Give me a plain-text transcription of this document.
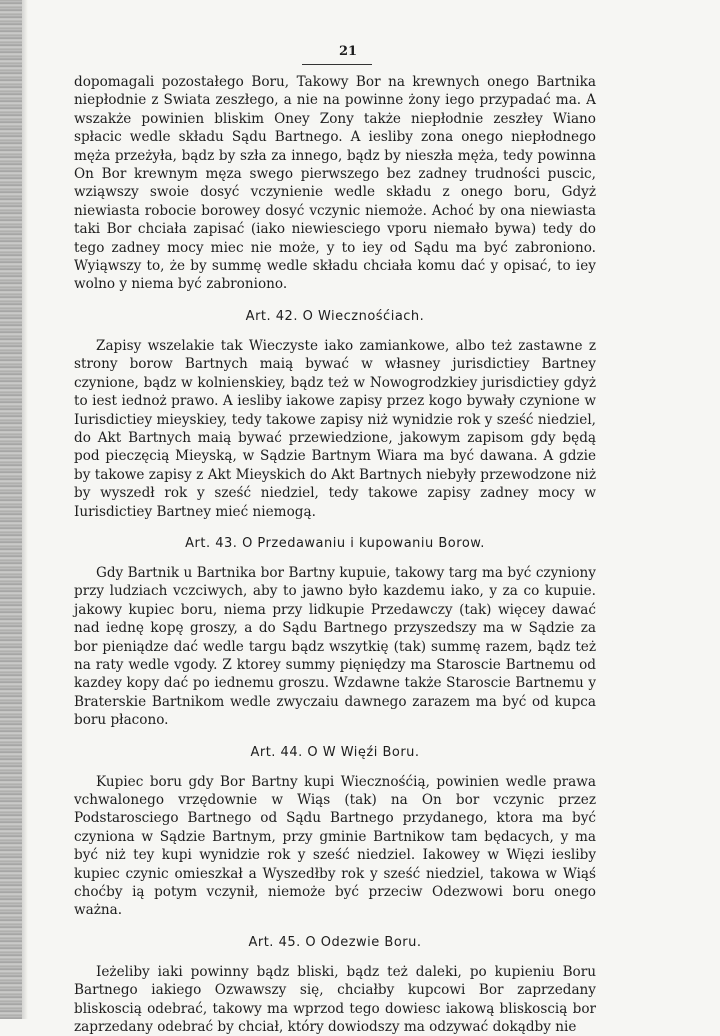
21

dopomagali pozostałego Boru, Takowy Bor na krewnych onego Bartnika niepłodnie z Swiata zeszłego, a nie na powinne żony iego przypadać ma. A wszakże powinien bliskim Oney Zony także niepłodnie zeszłey Wiano spłacic wedle składu Sądu Bartnego. A iesliby zona onego niepłodnego męża przeżyła, bądz by szła za innego, bądz by nieszła męża, tedy powinna On Bor krewnym męza swego pierwszego bez zadney trudności puscic, wziąwszy swoie dosyć vczynienie wedle składu z onego boru, Gdyż niewiasta robocie borowey dosyć vczynic niemoże. Achoć by ona niewiasta taki Bor chciała zapisać (iako niewiesciego vporu niemało bywa) tedy do tego zadney mocy miec nie może, y to iey od Sądu ma być zabroniono. Wyiąwszy to, że by summę wedle składu chciała komu dać y opisać, to iey wolno y niema być zabroniono.

Art. 42. O Wiecznośćiach.

Zapisy wszelakie tak Wieczyste iako zamiankowe, albo też zastawne z strony borow Bartnych maią bywać w własney jurisdictiey Bartney czynione, bądz w kolnienskiey, bądz też w Nowogrodzkiey jurisdictiey gdyż to iest iednoż prawo. A iesliby iakowe zapisy przez kogo bywały czynione w Iurisdictiey mieyskiey, tedy takowe zapisy niż wynidzie rok y sześć niedziel, do Akt Bartnych maią bywać przewiedzione, jakowym zapisom gdy będą pod pieczęcią Mieyską, w Sądzie Bartnym Wiara ma być dawana. A gdzie by takowe zapisy z Akt Mieyskich do Akt Bartnych niebyły przewodzone niż by wyszedł rok y sześć niedziel, tedy takowe zapisy zadney mocy w Iurisdictiey Bartney mieć niemogą.

Art. 43. O Przedawaniu i kupowaniu Borow.

Gdy Bartnik u Bartnika bor Bartny kupuie, takowy targ ma być czyniony przy ludziach vczciwych, aby to jawno było kazdemu iako, y za co kupuie. jakowy kupiec boru, niema przy lidkupie Przedawczy (tak) więcey dawać nad iednę kopę groszy, a do Sądu Bartnego przyszedszy ma w Sądzie za bor pieniądze dać wedle targu bądz wszytkię (tak) summę razem, bądz też na raty wedle vgody. Z ktorey summy pięniędzy ma Staroscie Bartnemu od kazdey kopy dać po iednemu groszu. Wzdawne także Staroscie Bartnemu y Braterskie Bartnikom wedle zwyczaiu dawnego zarazem ma być od kupca boru płacono.

Art. 44. O W Więźi Boru.

Kupiec boru gdy Bor Bartny kupi Wiecznośćią, powinien wedle prawa vchwalonego vrzędownie w Wiąs (tak) na On bor vczynic przez Podstarosciego Bartnego od Sądu Bartnego przydanego, ktora ma być czyniona w Sądzie Bartnym, przy gminie Bartnikow tam będacych, y ma być niż tey kupi wynidzie rok y sześć niedziel. Iakowey w Więzi iesliby kupiec czynic omieszkał a Wyszedłby rok y sześć niedziel, takowa w Wiąś choćby ią potym vczynił, niemoże być przeciw Odezwowi boru onego ważna.

Art. 45. O Odezwie Boru.

Ieżeliby iaki powinny bądz bliski, bądz też daleki, po kupieniu Boru Bartnego iakiego Ozwawszy się, chciałby kupcowi Bor zaprzedany bliskoscią odebrać, takowy ma wprzod tego dowiesc iakową bliskoscią bor zaprzedany odebrać by chciał, który dowiodszy ma odzywać dokądby nie
